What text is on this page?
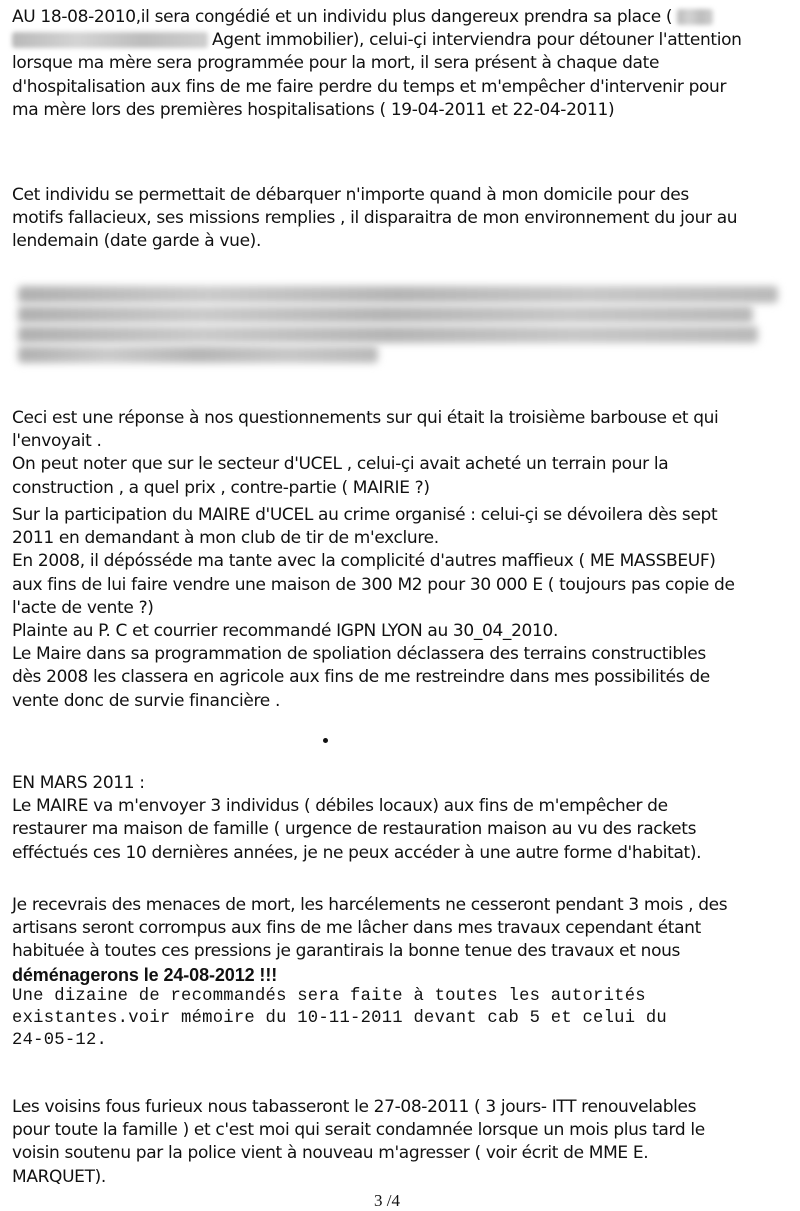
AU 18-08-2010,il sera congédié et un individu plus dangereux prendra sa place (
Agent immobilier), celui-çi interviendra pour détouner l'attention
lorsque ma mère sera programmée pour la mort, il sera présent à chaque date
d'hospitalisation aux fins de me faire perdre du temps et m'empêcher d'intervenir pour
ma mère lors des premières hospitalisations ( 19-04-2011 et 22-04-2011)
Cet individu se permettait de débarquer n'importe quand à mon domicile pour des
motifs fallacieux, ses missions remplies , il disparaitra de mon environnement du jour au
lendemain (date garde à vue).
Ceci est une réponse à nos questionnements sur qui était la troisième barbouse et qui
l'envoyait .
On peut noter que sur le secteur d'UCEL , celui-çi avait acheté un terrain pour la
construction , a quel prix , contre-partie ( MAIRIE ?)
Sur la participation du MAIRE d'UCEL au crime organisé : celui-çi se dévoilera dès sept
2011 en demandant à mon club de tir de m'exclure.
En 2008, il dépósséde ma tante avec la complicité d'autres maffieux ( ME MASSBEUF)
aux fins de lui faire vendre une maison de 300 M2 pour 30 000 E ( toujours pas copie de
l'acte de vente ?)
Plainte au P. C et courrier recommandé IGPN LYON au 30_04_2010.
Le Maire dans sa programmation de spoliation déclassera des terrains constructibles
dès 2008 les classera en agricole aux fins de me restreindre dans mes possibilités de
vente donc de survie financière .
EN MARS 2011 :
Le MAIRE va m'envoyer 3 individus ( débiles locaux) aux fins de m'empêcher de
restaurer ma maison de famille ( urgence de restauration maison au vu des rackets
efféctués ces 10 dernières années, je ne peux accéder à une autre forme d'habitat).
Je recevrais des menaces de mort, les harcélements ne cesseront pendant 3 mois , des
artisans seront corrompus aux fins de me lâcher dans mes travaux cependant étant
habituée à toutes ces pressions je garantirais la bonne tenue des travaux et nous
déménagerons le 24-08-2012 !!!
Une dizaine de recommandés sera faite à toutes les autorités
existantes.voir mémoire du 10-11-2011 devant cab 5 et celui du
24-05-12.
Les voisins fous furieux nous tabasseront le 27-08-2011 ( 3 jours- ITT renouvelables
pour toute la famille ) et c'est moi qui serait condamnée lorsque un mois plus tard le
voisin soutenu par la police vient à nouveau m'agresser ( voir écrit de MME E.
MARQUET).
3 /4
